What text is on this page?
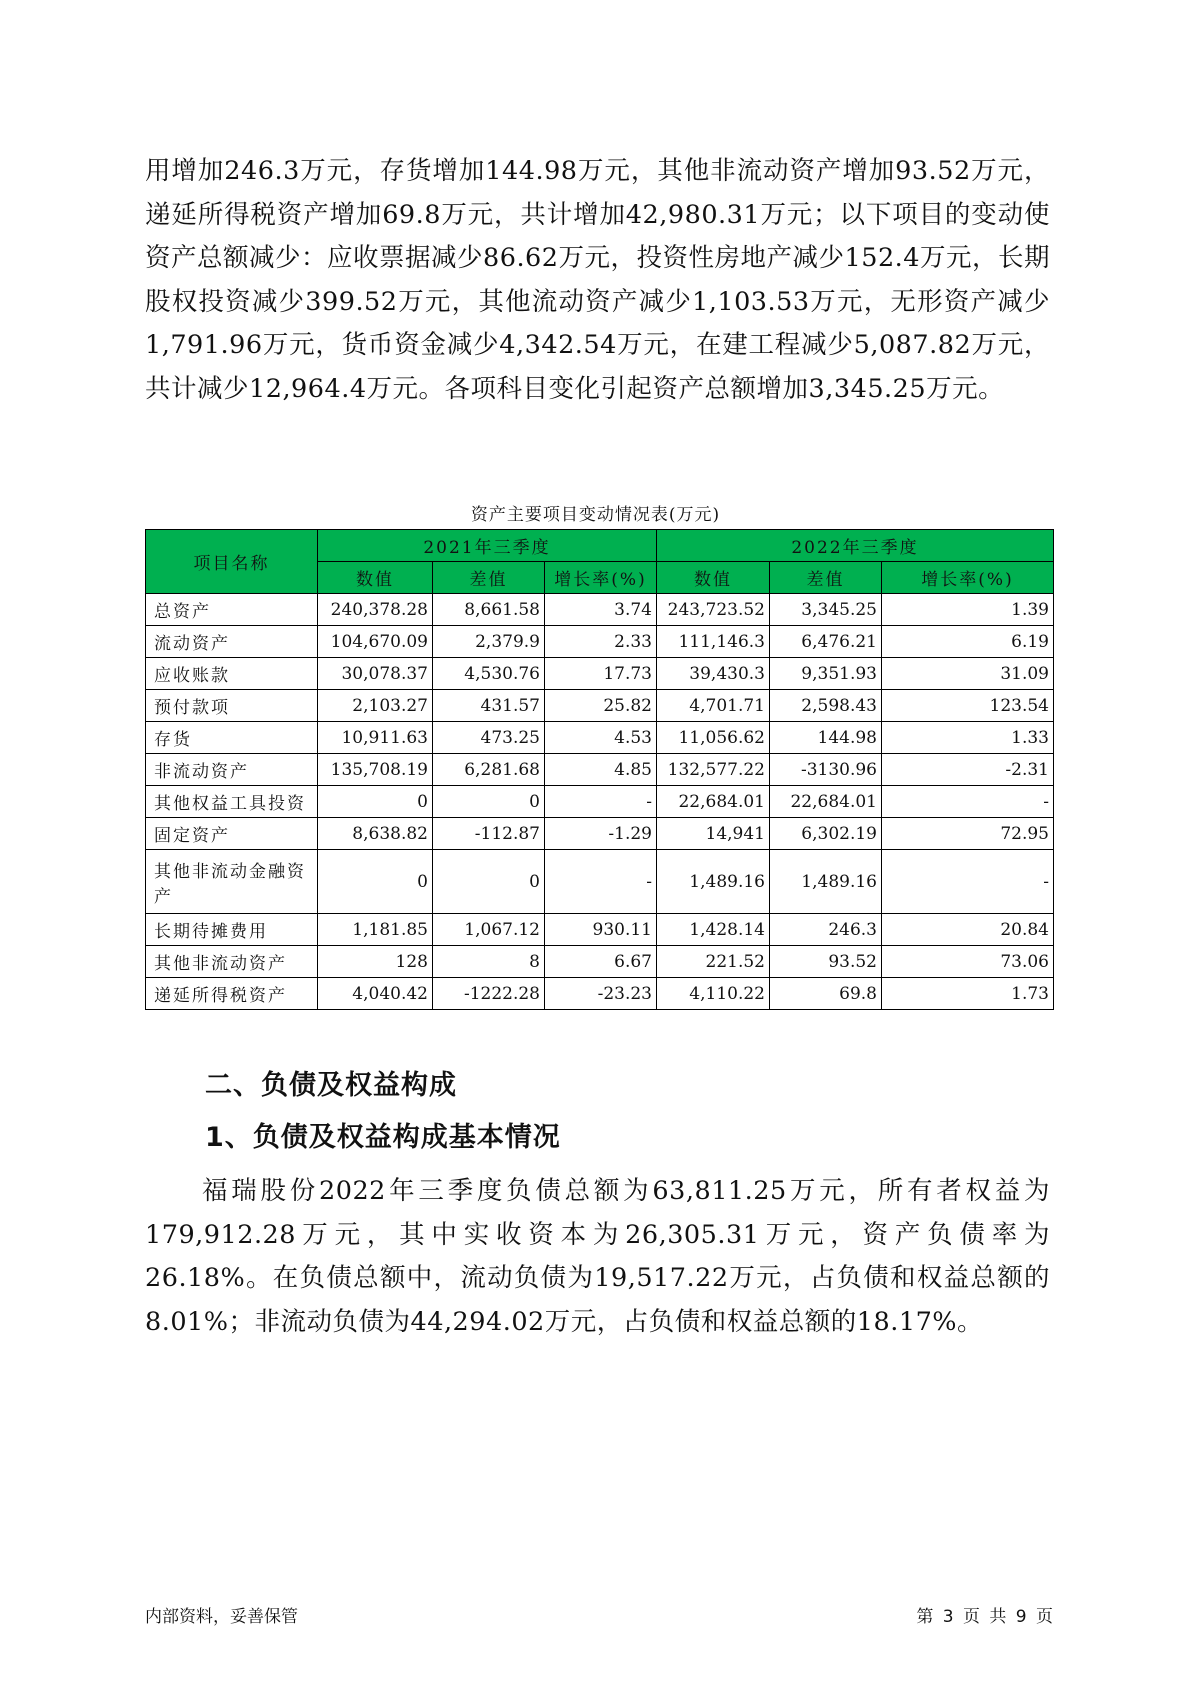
用增加246.3万元，存货增加144.98万元，其他非流动资产增加93.52万元，递延所得税资产增加69.8万元，共计增加42,980.31万元；以下项目的变动使资产总额减少：应收票据减少86.62万元，投资性房地产减少152.4万元，长期股权投资减少399.52万元，其他流动资产减少1,103.53万元，无形资产减少1,791.96万元，货币资金减少4,342.54万元，在建工程减少5,087.82万元，共计减少12,964.4万元。各项科目变化引起资产总额增加3,345.25万元。

资产主要项目变动情况表(万元)
项目名称	2021年三季度			2022年三季度		
	数值	差值	增长率(%)	数值	差值	增长率(%)
总资产	240,378.28	8,661.58	3.74	243,723.52	3,345.25	1.39
流动资产	104,670.09	2,379.9	2.33	111,146.3	6,476.21	6.19
应收账款	30,078.37	4,530.76	17.73	39,430.3	9,351.93	31.09
预付款项	2,103.27	431.57	25.82	4,701.71	2,598.43	123.54
存货	10,911.63	473.25	4.53	11,056.62	144.98	1.33
非流动资产	135,708.19	6,281.68	4.85	132,577.22	-3130.96	-2.31
其他权益工具投资	0	0	-	22,684.01	22,684.01	-
固定资产	8,638.82	-112.87	-1.29	14,941	6,302.19	72.95
其他非流动金融资产	0	0	-	1,489.16	1,489.16	-
长期待摊费用	1,181.85	1,067.12	930.11	1,428.14	246.3	20.84
其他非流动资产	128	8	6.67	221.52	93.52	73.06
递延所得税资产	4,040.42	-1222.28	-23.23	4,110.22	69.8	1.73
二、负债及权益构成
1、负债及权益构成基本情况

福瑞股份2022年三季度负债总额为63,811.25万元，所有者权益为179,912.28万元，其中实收资本为26,305.31万元，资产负债率为26.18%。在负债总额中，流动负债为19,517.22万元，占负债和权益总额的8.01%；非流动负债为44,294.02万元，占负债和权益总额的18.17%。

内部资料，妥善保管	第 3 页 共 9 页
